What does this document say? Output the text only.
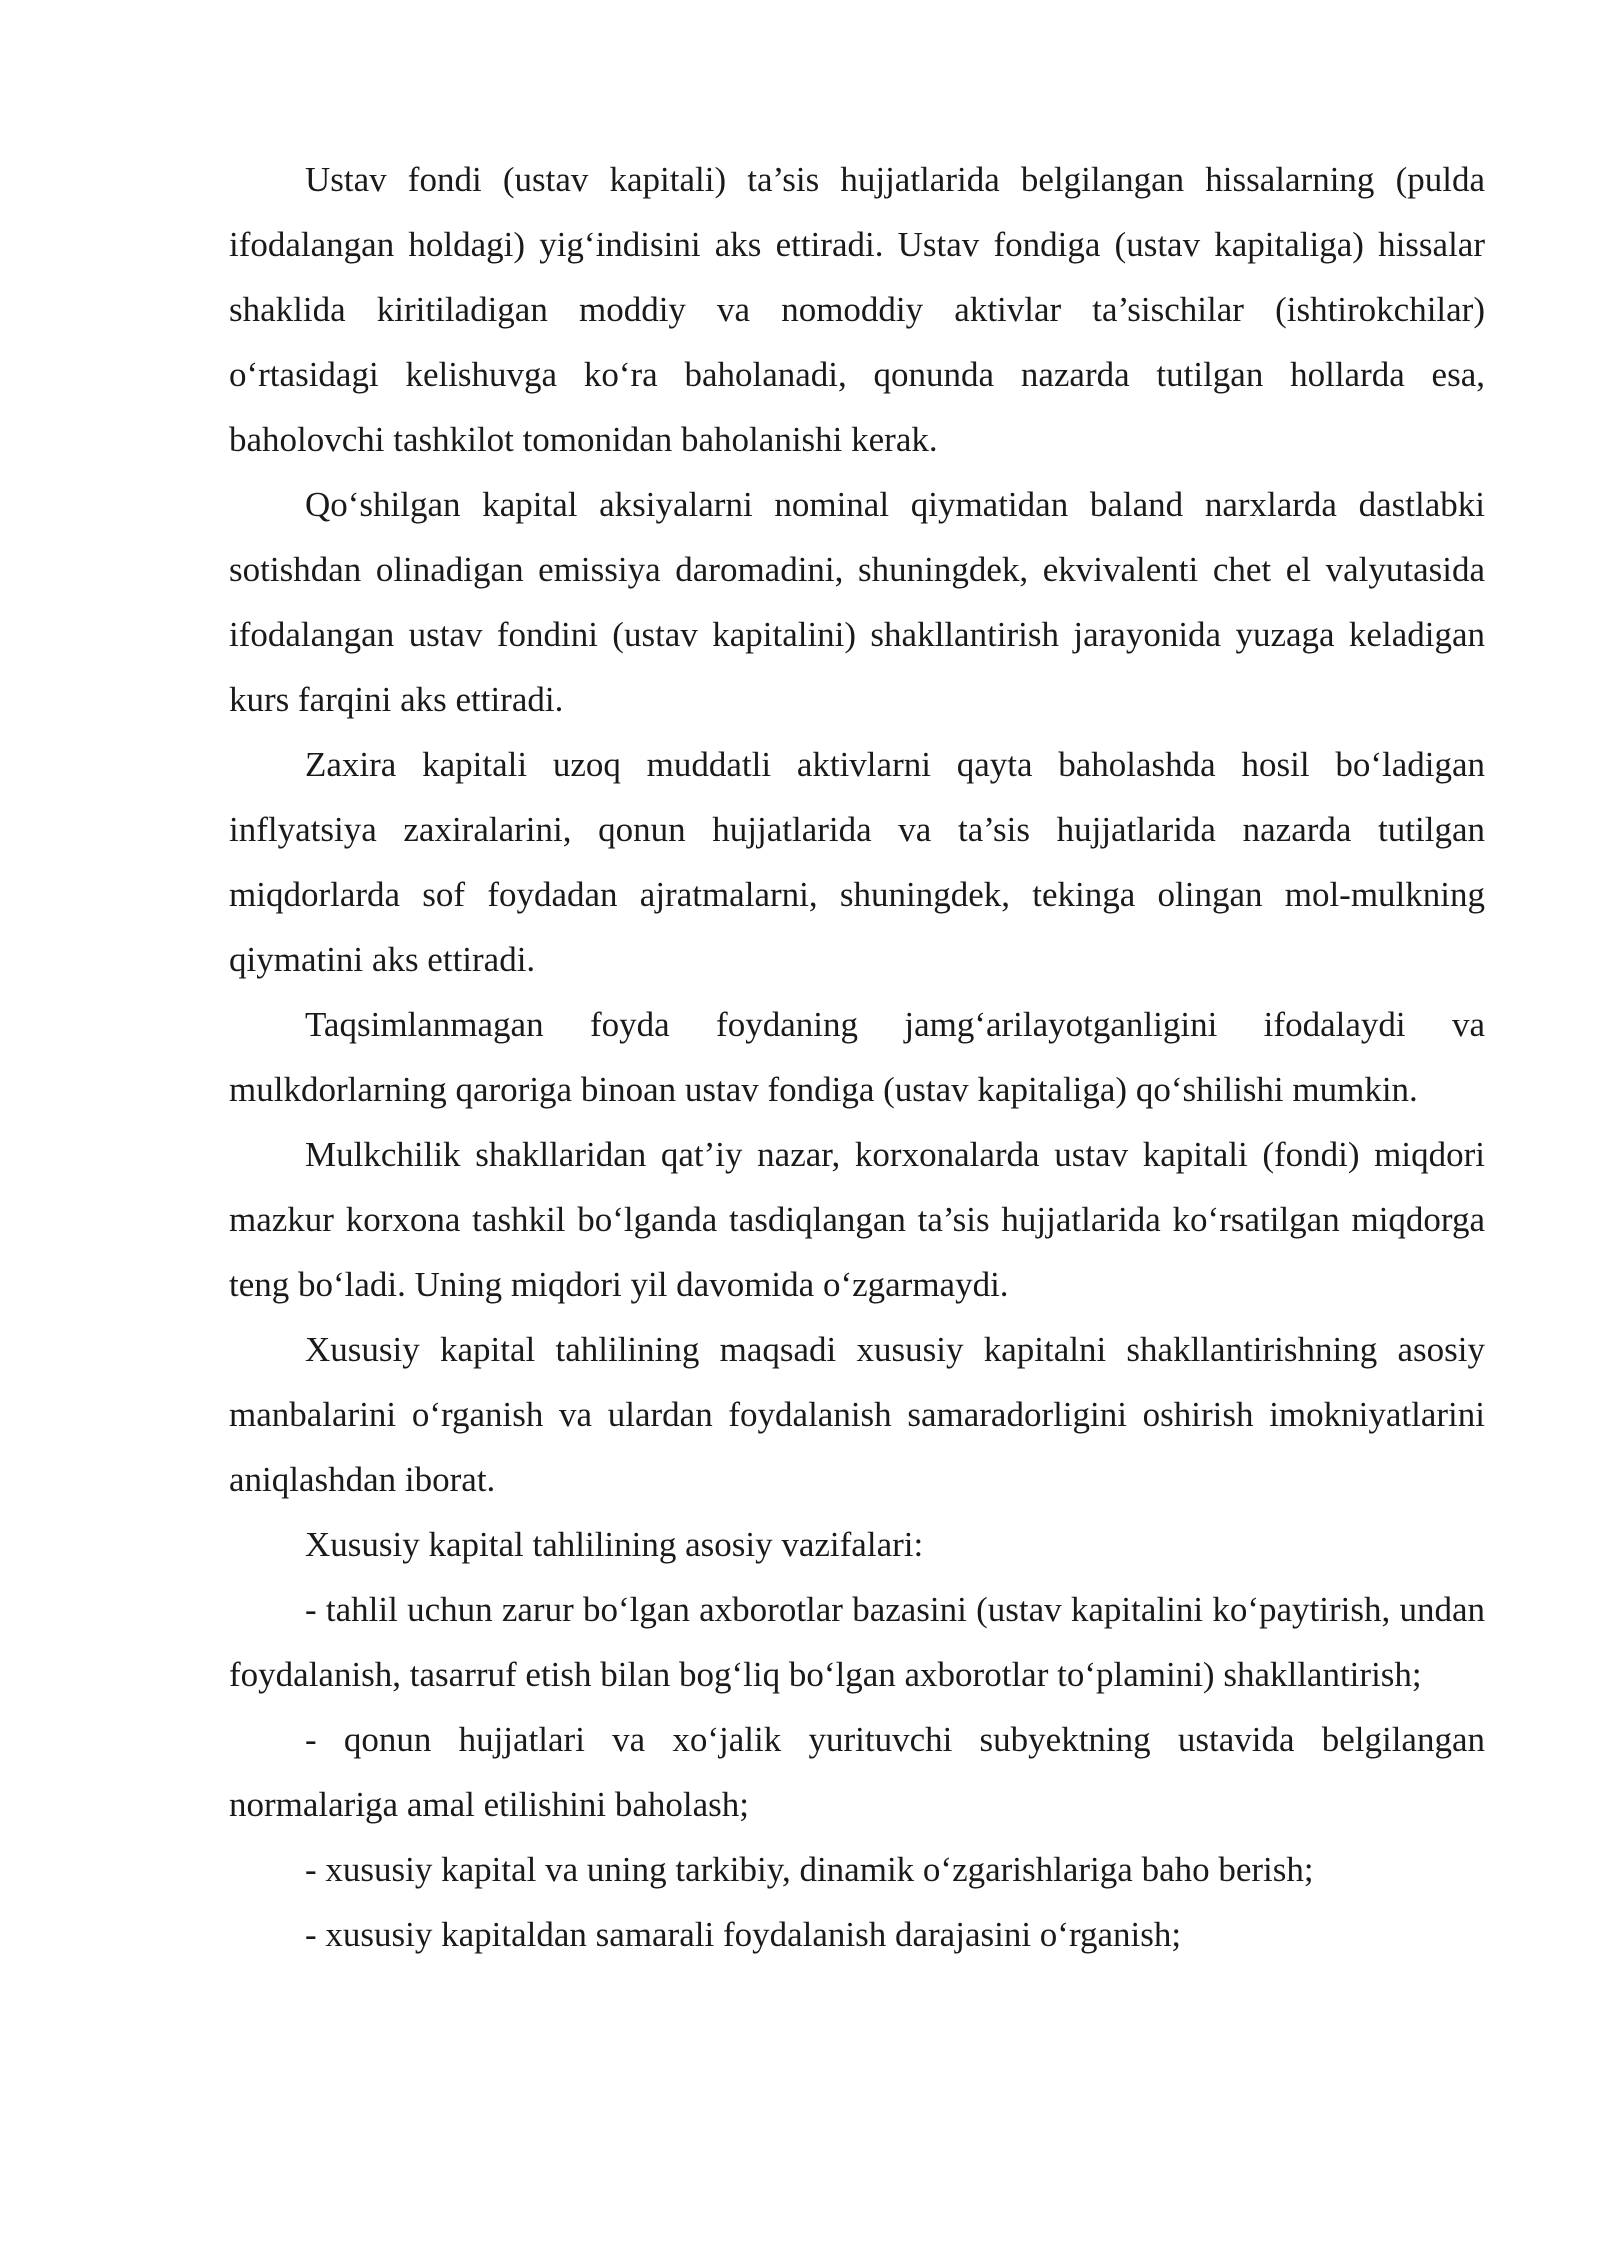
Ustav fondi (ustav kapitali) ta’sis hujjatlarida belgilangan hissalarning (pulda ifodalangan holdagi) yig‘indisini aks ettiradi. Ustav fondiga (ustav kapitaliga) hissalar shaklida kiritiladigan moddiy va nomoddiy aktivlar ta’sischilar (ishtirokchilar) o‘rtasidagi kelishuvga ko‘ra baholanadi, qonunda nazarda tutilgan hollarda esa, baholovchi tashkilot tomonidan baholanishi kerak.

Qo‘shilgan kapital aksiyalarni nominal qiymatidan baland narxlarda dastlabki sotishdan olinadigan emissiya daromadini, shuningdek, ekvivalenti chet el valyutasida ifodalangan ustav fondini (ustav kapitalini) shakllantirish jarayonida yuzaga keladigan kurs farqini aks ettiradi.

Zaxira kapitali uzoq muddatli aktivlarni qayta baholashda hosil bo‘ladigan inflyatsiya zaxiralarini, qonun hujjatlarida va ta’sis hujjatlarida nazarda tutilgan miqdorlarda sof foydadan ajratmalarni, shuningdek, tekinga olingan mol-mulkning qiymatini aks ettiradi.

Taqsimlanmagan foyda foydaning jamg‘arilayotganligini ifodalaydi va mulkdorlarning qaroriga binoan ustav fondiga (ustav kapitaliga) qo‘shilishi mumkin.

Mulkchilik shakllaridan qat’iy nazar, korxonalarda ustav kapitali (fondi) miqdori mazkur korxona tashkil bo‘lganda tasdiqlangan ta’sis hujjatlarida ko‘rsatilgan miqdorga teng bo‘ladi. Uning miqdori yil davomida o‘zgarmaydi.

Xususiy kapital tahlilining maqsadi xususiy kapitalni shakllantirishning asosiy manbalarini o‘rganish va ulardan foydalanish samaradorligini oshirish imokniyatlarini aniqlashdan iborat.

Xususiy kapital tahlilining asosiy vazifalari:

- tahlil uchun zarur bo‘lgan axborotlar bazasini (ustav kapitalini ko‘paytirish, undan foydalanish, tasarruf etish bilan bog‘liq bo‘lgan axborotlar to‘plamini) shakllantirish;

- qonun hujjatlari va xo‘jalik yurituvchi subyektning ustavida belgilangan normalariga amal etilishini baholash;

- xususiy kapital va uning tarkibiy, dinamik o‘zgarishlariga baho berish;

- xususiy kapitaldan samarali foydalanish darajasini o‘rganish;
